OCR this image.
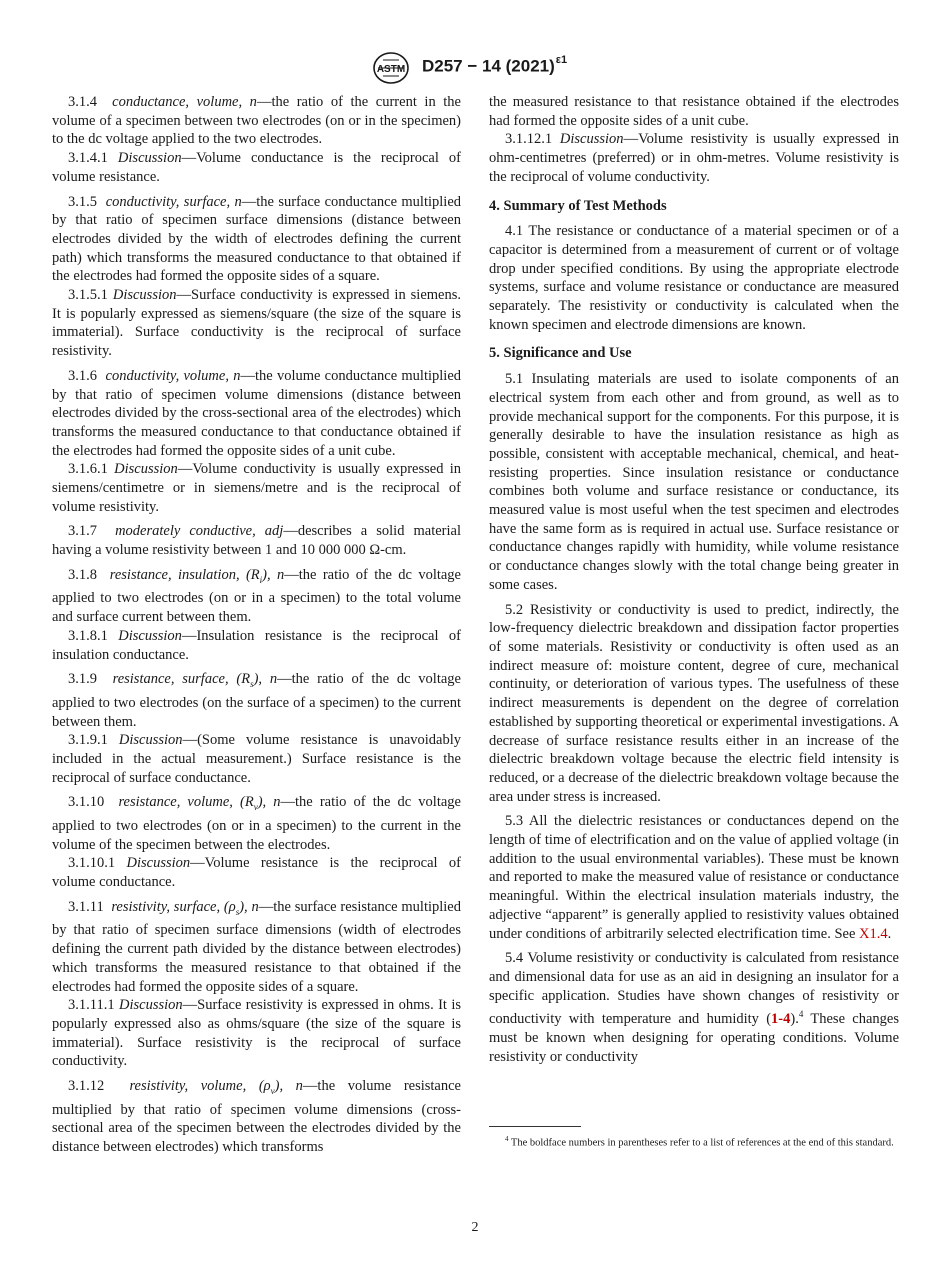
ASTM D257 − 14 $(2021)^{\varepsilon 1}$

3.1.4 conductance, volume, n—the ratio of the current in the volume of a specimen between two electrodes (on or in the specimen) to the dc voltage applied to the two electrodes.

3.1.4.1 Discussion—Volume conductance is the reciprocal of volume resistance.

3.1.5 conductivity, surface, n—the surface conductance multiplied by that ratio of specimen surface dimensions (distance between electrodes divided by the width of electrodes defining the current path) which transforms the measured conductance to that obtained if the electrodes had formed the opposite sides of a square.

3.1.5.1 Discussion—Surface conductivity is expressed in siemens. It is popularly expressed as siemens/square (the size of the square is immaterial). Surface conductivity is the reciprocal of surface resistivity.

3.1.6 conductivity, volume, n—the volume conductance multiplied by that ratio of specimen volume dimensions (distance between electrodes divided by the cross-sectional area of the electrodes) which transforms the measured conductance to that conductance obtained if the electrodes had formed the opposite sides of a unit cube.

3.1.6.1 Discussion—Volume conductivity is usually expressed in siemens/centimetre or in siemens/metre and is the reciprocal of volume resistivity.

3.1.7 moderately conductive, adj—describes a solid material having a volume resistivity between 1 and 10 000 000 Ω-cm.

3.1.8 resistance, insulation, $(R_i)$, n—the ratio of the dc voltage applied to two electrodes (on or in a specimen) to the total volume and surface current between them.

3.1.8.1 Discussion—Insulation resistance is the reciprocal of insulation conductance.

3.1.9 resistance, surface, $(R_s)$, n—the ratio of the dc voltage applied to two electrodes (on the surface of a specimen) to the current between them.

3.1.9.1 Discussion—(Some volume resistance is unavoidably included in the actual measurement.) Surface resistance is the reciprocal of surface conductance.

3.1.10 resistance, volume, $(R_v)$, n—the ratio of the dc voltage applied to two electrodes (on or in a specimen) to the current in the volume of the specimen between the electrodes.

3.1.10.1 Discussion—Volume resistance is the reciprocal of volume conductance.

3.1.11 resistivity, surface, $(\rho_s)$, n—the surface resistance multiplied by that ratio of specimen surface dimensions (width of electrodes defining the current path divided by the distance between electrodes) which transforms the measured resistance to that obtained if the electrodes had formed the opposite sides of a square.

3.1.11.1 Discussion—Surface resistivity is expressed in ohms. It is popularly expressed also as ohms/square (the size of the square is immaterial). Surface resistivity is the reciprocal of surface conductivity.

3.1.12 resistivity, volume, $(\rho_v)$, n—the volume resistance multiplied by that ratio of specimen volume dimensions (cross-sectional area of the specimen between the electrodes divided by the distance between electrodes) which transforms

the measured resistance to that resistance obtained if the electrodes had formed the opposite sides of a unit cube.

3.1.12.1 Discussion—Volume resistivity is usually expressed in ohm-centimetres (preferred) or in ohm-metres. Volume resistivity is the reciprocal of volume conductivity.

4. Summary of Test Methods

4.1 The resistance or conductance of a material specimen or of a capacitor is determined from a measurement of current or of voltage drop under specified conditions. By using the appropriate electrode systems, surface and volume resistance or conductance are measured separately. The resistivity or conductivity is calculated when the known specimen and electrode dimensions are known.

5. Significance and Use

5.1 Insulating materials are used to isolate components of an electrical system from each other and from ground, as well as to provide mechanical support for the components. For this purpose, it is generally desirable to have the insulation resistance as high as possible, consistent with acceptable mechanical, chemical, and heat-resisting properties. Since insulation resistance or conductance combines both volume and surface resistance or conductance, its measured value is most useful when the test specimen and electrodes have the same form as is required in actual use. Surface resistance or conductance changes rapidly with humidity, while volume resistance or conductance changes slowly with the total change being greater in some cases.

5.2 Resistivity or conductivity is used to predict, indirectly, the low-frequency dielectric breakdown and dissipation factor properties of some materials. Resistivity or conductivity is often used as an indirect measure of: moisture content, degree of cure, mechanical continuity, or deterioration of various types. The usefulness of these indirect measurements is dependent on the degree of correlation established by supporting theoretical or experimental investigations. A decrease of surface resistance results either in an increase of the dielectric breakdown voltage because the electric field intensity is reduced, or a decrease of the dielectric breakdown voltage because the area under stress is increased.

5.3 All the dielectric resistances or conductances depend on the length of time of electrification and on the value of applied voltage (in addition to the usual environmental variables). These must be known and reported to make the measured value of resistance or conductance meaningful. Within the electrical insulation materials industry, the adjective “apparent” is generally applied to resistivity values obtained under conditions of arbitrarily selected electrification time. See X1.4.

5.4 Volume resistivity or conductivity is calculated from resistance and dimensional data for use as an aid in designing an insulator for a specific application. Studies have shown changes of resistivity or conductivity with temperature and humidity (1-4).$^4$ These changes must be known when designing for operating conditions. Volume resistivity or conductivity

$^4$ The boldface numbers in parentheses refer to a list of references at the end of this standard.
2
